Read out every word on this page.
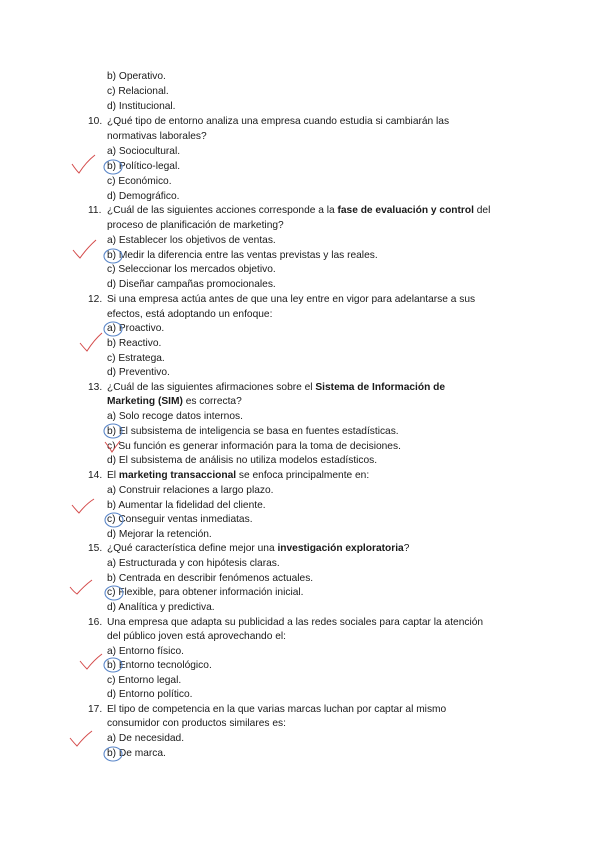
b) Operativo.
c) Relacional.
d) Institucional.
10. ¿Qué tipo de entorno analiza una empresa cuando estudia si cambiarán las
normativas laborales?
a) Sociocultural.
b) Político-legal.
c) Económico.
d) Demográfico.
11. ¿Cuál de las siguientes acciones corresponde a la fase de evaluación y control del
proceso de planificación de marketing?
a) Establecer los objetivos de ventas.
b) Medir la diferencia entre las ventas previstas y las reales.
c) Seleccionar los mercados objetivo.
d) Diseñar campañas promocionales.
12. Si una empresa actúa antes de que una ley entre en vigor para adelantarse a sus
efectos, está adoptando un enfoque:
a) Proactivo.
b) Reactivo.
c) Estratega.
d) Preventivo.
13. ¿Cuál de las siguientes afirmaciones sobre el Sistema de Información de
Marketing (SIM) es correcta?
a) Solo recoge datos internos.
b) El subsistema de inteligencia se basa en fuentes estadísticas.
c) Su función es generar información para la toma de decisiones.
d) El subsistema de análisis no utiliza modelos estadísticos.
14. El marketing transaccional se enfoca principalmente en:
a) Construir relaciones a largo plazo.
b) Aumentar la fidelidad del cliente.
c) Conseguir ventas inmediatas.
d) Mejorar la retención.
15. ¿Qué característica define mejor una investigación exploratoria?
a) Estructurada y con hipótesis claras.
b) Centrada en describir fenómenos actuales.
c) Flexible, para obtener información inicial.
d) Analítica y predictiva.
16. Una empresa que adapta su publicidad a las redes sociales para captar la atención
del público joven está aprovechando el:
a) Entorno físico.
b) Entorno tecnológico.
c) Entorno legal.
d) Entorno político.
17. El tipo de competencia en la que varias marcas luchan por captar al mismo
consumidor con productos similares es:
a) De necesidad.
b) De marca.
